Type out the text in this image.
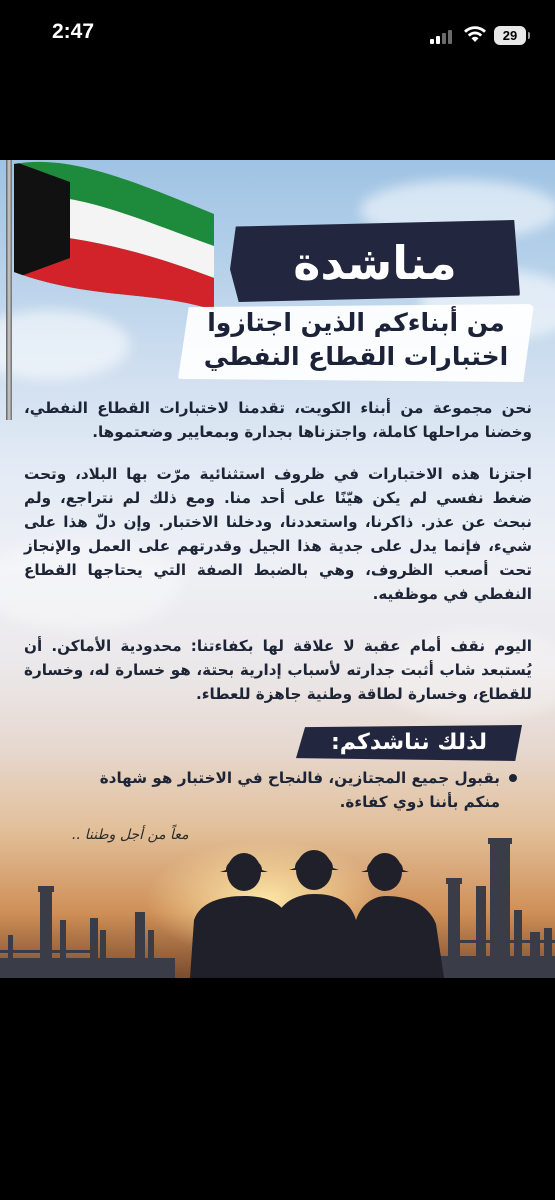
2:47	29
مناشدة
من أبناءكم الذين اجتازوا
اختبارات القطاع النفطي
نحن مجموعة من أبناء الكويت، تقدمنا لاختبارات القطاع النفطي، وخضنا مراحلها كاملة، واجتزناها بجدارة وبمعايير وضعتموها.
اجتزنا هذه الاختبارات في ظروف استثنائية مرّت بها البلاد، وتحت ضغط نفسي لم يكن هيّنًا على أحد منا. ومع ذلك لم نتراجع، ولم نبحث عن عذر. ذاكرنا، واستعددنا، ودخلنا الاختبار. وإن دلّ هذا على شيء، فإنما يدل على جدية هذا الجيل وقدرتهم على العمل والإنجاز تحت أصعب الظروف، وهي بالضبط الصفة التي يحتاجها القطاع النفطي في موظفيه.
اليوم نقف أمام عقبة لا علاقة لها بكفاءتنا: محدودية الأماكن. أن يُستبعد شاب أثبت جدارته لأسباب إدارية بحتة، هو خسارة له، وخسارة للقطاع، وخسارة لطاقة وطنية جاهزة للعطاء.
لذلك نناشدكم:
بقبول جميع المجتازين، فالنجاح في الاختبار هو شهادة منكم بأننا ذوي كفاءة.
معاً من أجل وطننا ..
